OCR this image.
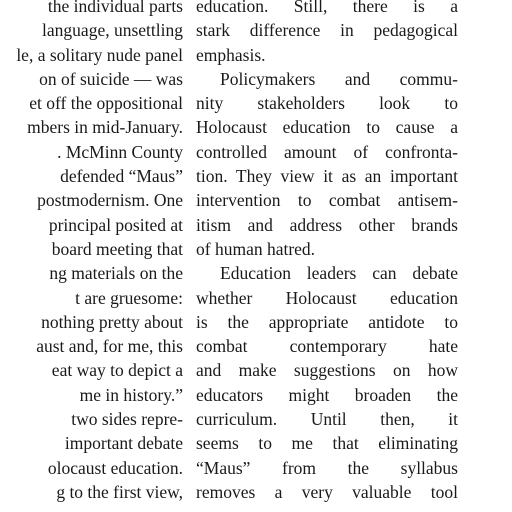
the individual parts
language, unsettling
le, a solitary nude panel
on of suicide — was
et off the oppositional
mbers in mid-January.
. McMinn County
defended “Maus”
postmodernism. One
principal posited at
board meeting that
ng materials on the
t are gruesome:
nothing pretty about
aust and, for me, this
eat way to depict a
me in history.”
two sides repre-
important debate
olocaust education.
g to the first view,
education. Still, there is a
stark difference in pedagogical
emphasis.
Policymakers and commu-
nity stakeholders look to
Holocaust education to cause a
controlled amount of confronta-
tion. They view it as an important
intervention to combat antisem-
itism and address other brands
of human hatred.
Education leaders can debate
whether Holocaust education
is the appropriate antidote to
combat contemporary hate
and make suggestions on how
educators might broaden the
curriculum. Until then, it
seems to me that eliminating
“Maus” from the syllabus
removes a very valuable tool
